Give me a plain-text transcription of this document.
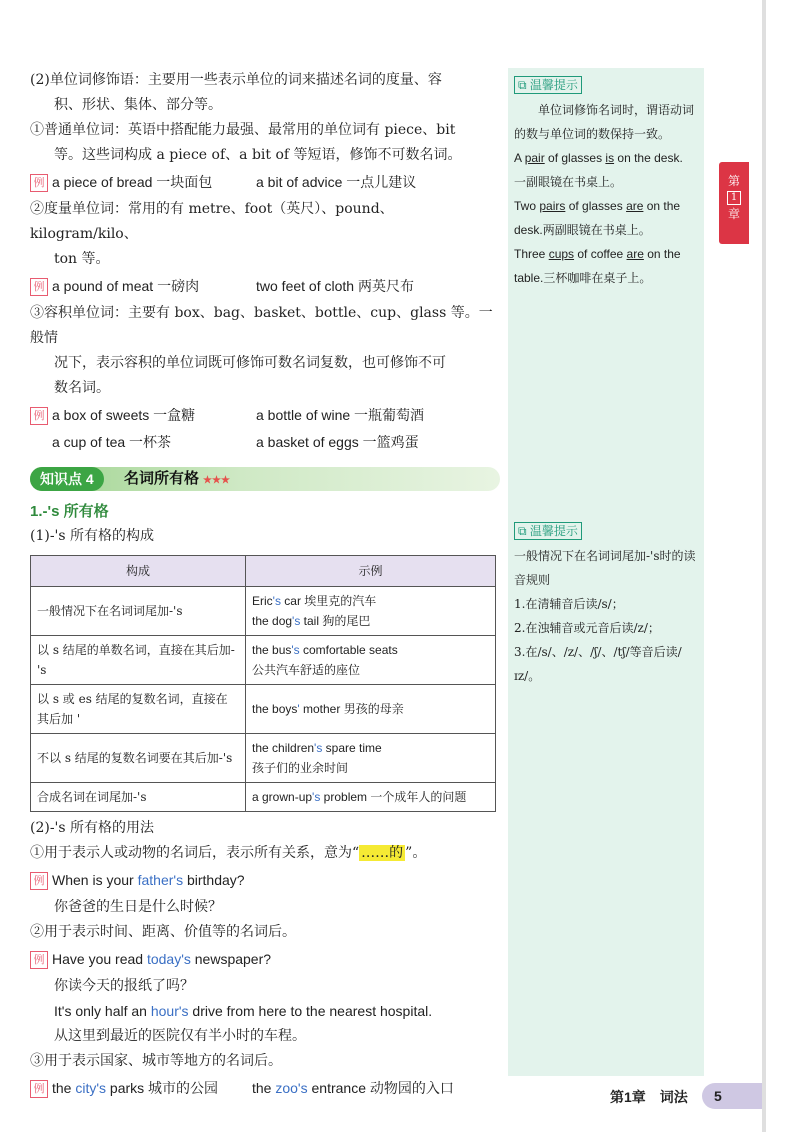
(2)单位词修饰语：主要用一些表示单位的词来描述名词的度量、容

积、形状、集体、部分等。

①普通单位词：英语中搭配能力最强、最常用的单位词有 piece、bit

等。这些词构成 a piece of、a bit of 等短语，修饰不可数名词。

例 a piece of bread 一块面包	a bit of advice 一点儿建议

②度量单位词：常用的有 metre、foot（英尺）、pound、kilogram/kilo、

ton 等。

例 a pound of meat 一磅肉	two feet of cloth 两英尺布

③容积单位词：主要有 box、bag、basket、bottle、cup、glass 等。一般情

况下，表示容积的单位词既可修饰可数名词复数，也可修饰不可

数名词。

例 a box of sweets 一盒糖	a bottle of wine 一瓶葡萄酒
a cup of tea 一杯茶	a basket of eggs 一篮鸡蛋
知识点 4	名词所有格 ★★★
1.-'s 所有格

(1)-'s 所有格的构成

构成	示例
一般情况下在名词词尾加-'s	Eric's car 埃里克的汽车
the dog's tail 狗的尾巴

以 s 结尾的单数名词，直接在其后加-'s	the bus's comfortable seats
公共汽车舒适的座位

以 s 或 es 结尾的复数名词，直接在其后加 '	the boys' mother 男孩的母亲

不以 s 结尾的复数名词要在其后加-'s	the children's spare time
孩子们的业余时间

合成名词在词尾加-'s	a grown-up's problem 一个成年人的问题

(2)-'s 所有格的用法

①用于表示人或动物的名词后，表示所有关系，意为“ ……的 ”。

例 When is your father's birthday?

你爸爸的生日是什么时候？

②用于表示时间、距离、价值等的名词后。

例 Have you read today's newspaper?

你读今天的报纸了吗？

It's only half an hour's drive from here to the nearest hospital.

从这里到最近的医院仅有半小时的车程。

③用于表示国家、城市等地方的名词后。

例 the city's parks 城市的公园	the zoo's entrance 动物园的入口
⧉ 温馨提示

单位词修饰名词时，谓语动词的数与单位词的数保持一致。

A pair of glasses is on the desk.

一副眼镜在书桌上。

Two pairs of glasses are on the desk.两副眼镜在书桌上。

Three cups of coffee are on the table.三杯咖啡在桌子上。

⧉ 温馨提示

一般情况下在名词词尾加-'s时的读音规则

1.在清辅音后读/s/；

2.在浊辅音或元音后读/z/；

3.在/s/、/z/、/ʃ/、/tʃ/等音后读/ɪz/。

第
1
章
第1章　词法	5
